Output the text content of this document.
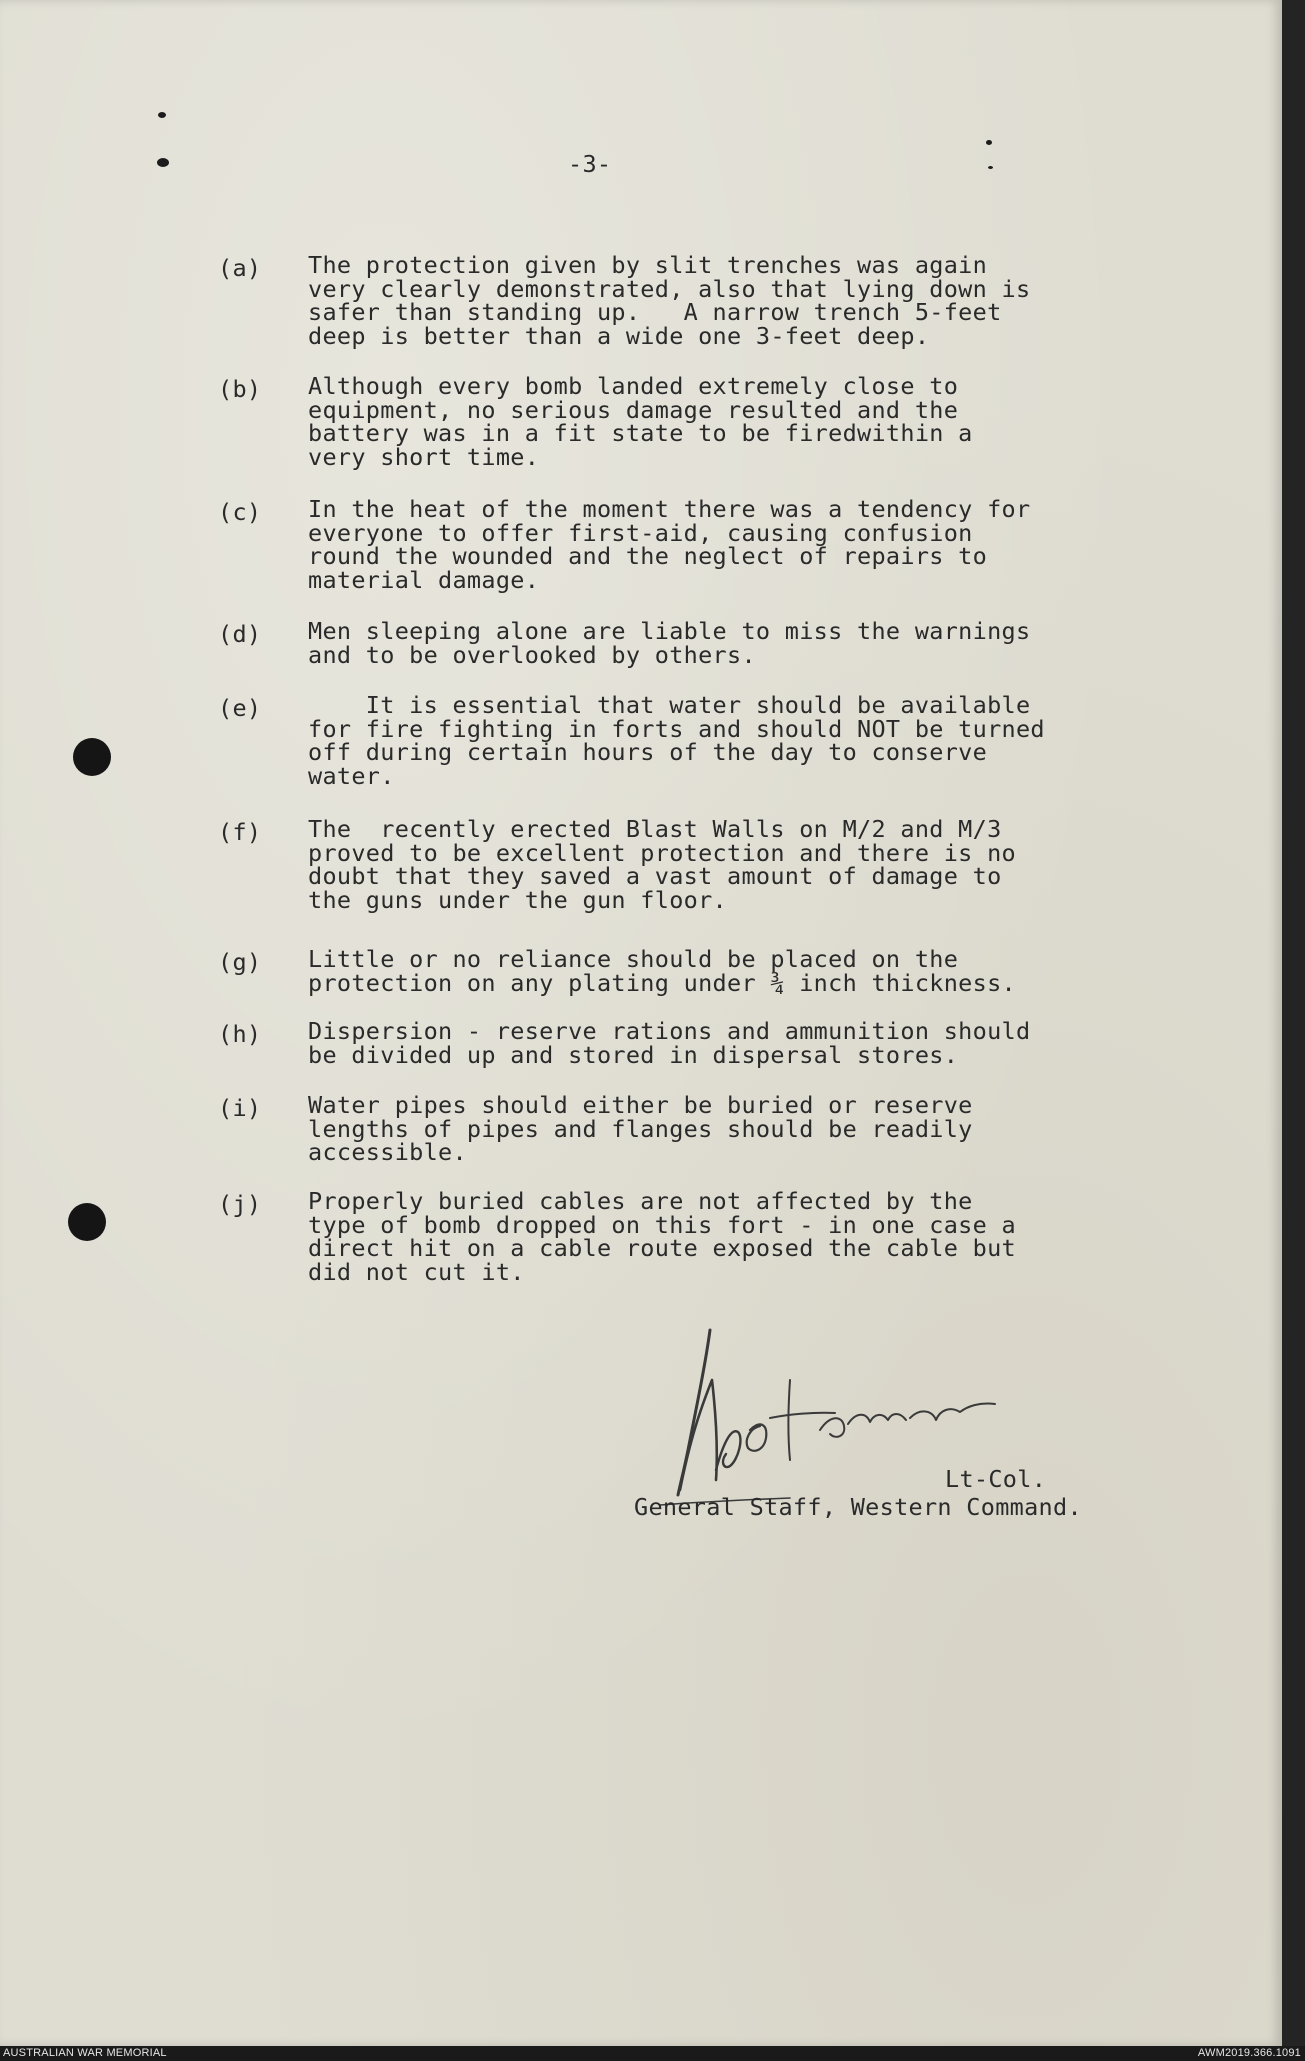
-3-
(a) The protection given by slit trenches was again
very clearly demonstrated, also that lying down is
safer than standing up.   A narrow trench 5-feet
deep is better than a wide one 3-feet deep.
(b) Although every bomb landed extremely close to
equipment, no serious damage resulted and the
battery was in a fit state to be firedwithin a
very short time.
(c) In the heat of the moment there was a tendency for
everyone to offer first-aid, causing confusion
round the wounded and the neglect of repairs to
material damage.
(d) Men sleeping alone are liable to miss the warnings
and to be overlooked by others.
(e) It is essential that water should be available
for fire fighting in forts and should NOT be turned
off during certain hours of the day to conserve
water.
(f) The  recently erected Blast Walls on M/2 and M/3
proved to be excellent protection and there is no
doubt that they saved a vast amount of damage to
the guns under the gun floor.
(g) Little or no reliance should be placed on the
protection on any plating under ¾ inch thickness.
(h) Dispersion - reserve rations and ammunition should
be divided up and stored in dispersal stores.
(i) Water pipes should either be buried or reserve
lengths of pipes and flanges should be readily
accessible.
(j) Properly buried cables are not affected by the
type of bomb dropped on this fort - in one case a
direct hit on a cable route exposed the cable but
did not cut it.
Lt-Col.
General Staff, Western Command.
AUSTRALIAN WAR MEMORIAL	AWM2019.366.1091
